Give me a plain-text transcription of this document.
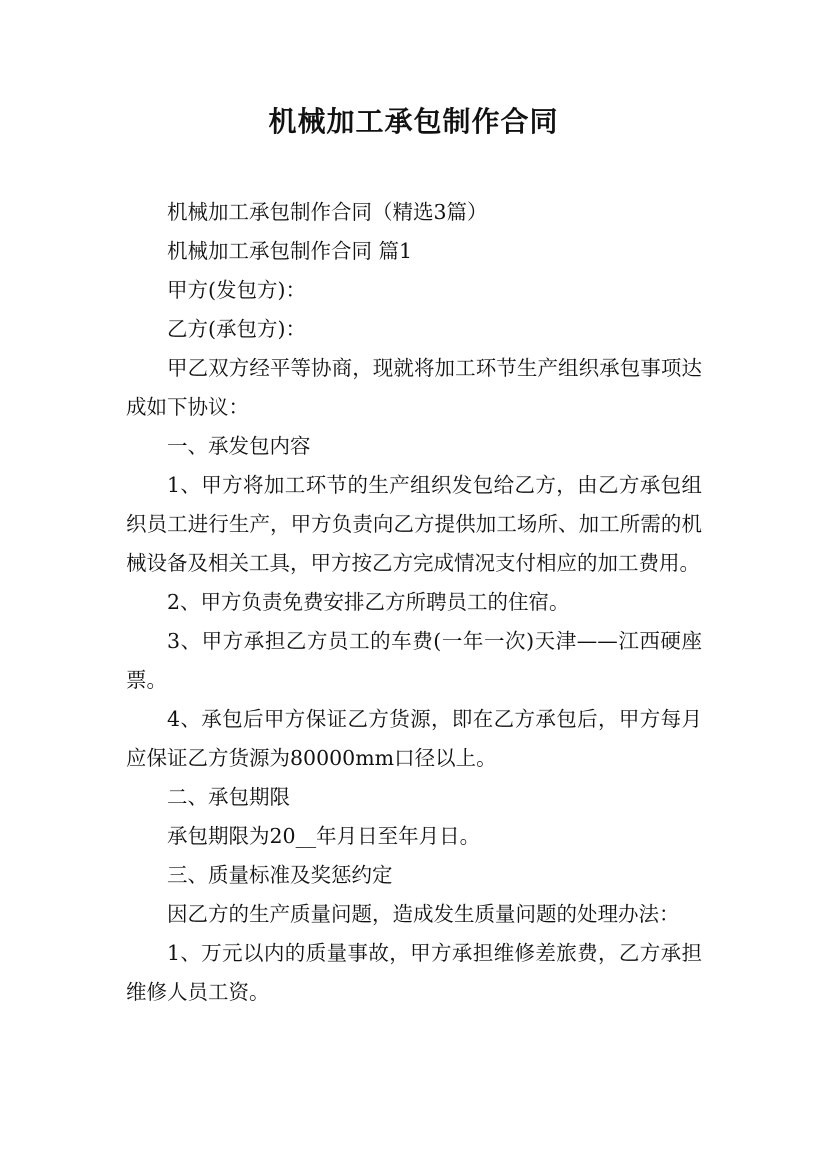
机械加工承包制作合同

机械加工承包制作合同（精选3篇）

机械加工承包制作合同 篇1

甲方(发包方)：

乙方(承包方)：

甲乙双方经平等协商，现就将加工环节生产组织承包事项达成如下协议：

一、承发包内容

1、甲方将加工环节的生产组织发包给乙方，由乙方承包组织员工进行生产，甲方负责向乙方提供加工场所、加工所需的机械设备及相关工具，甲方按乙方完成情况支付相应的加工费用。

2、甲方负责免费安排乙方所聘员工的住宿。

3、甲方承担乙方员工的车费(一年一次)天津——江西硬座票。

4、承包后甲方保证乙方货源，即在乙方承包后，甲方每月应保证乙方货源为80000mm口径以上。

二、承包期限

承包期限为20__年月日至年月日。

三、质量标准及奖惩约定

因乙方的生产质量问题，造成发生质量问题的处理办法：

1、万元以内的质量事故，甲方承担维修差旅费，乙方承担维修人员工资。
